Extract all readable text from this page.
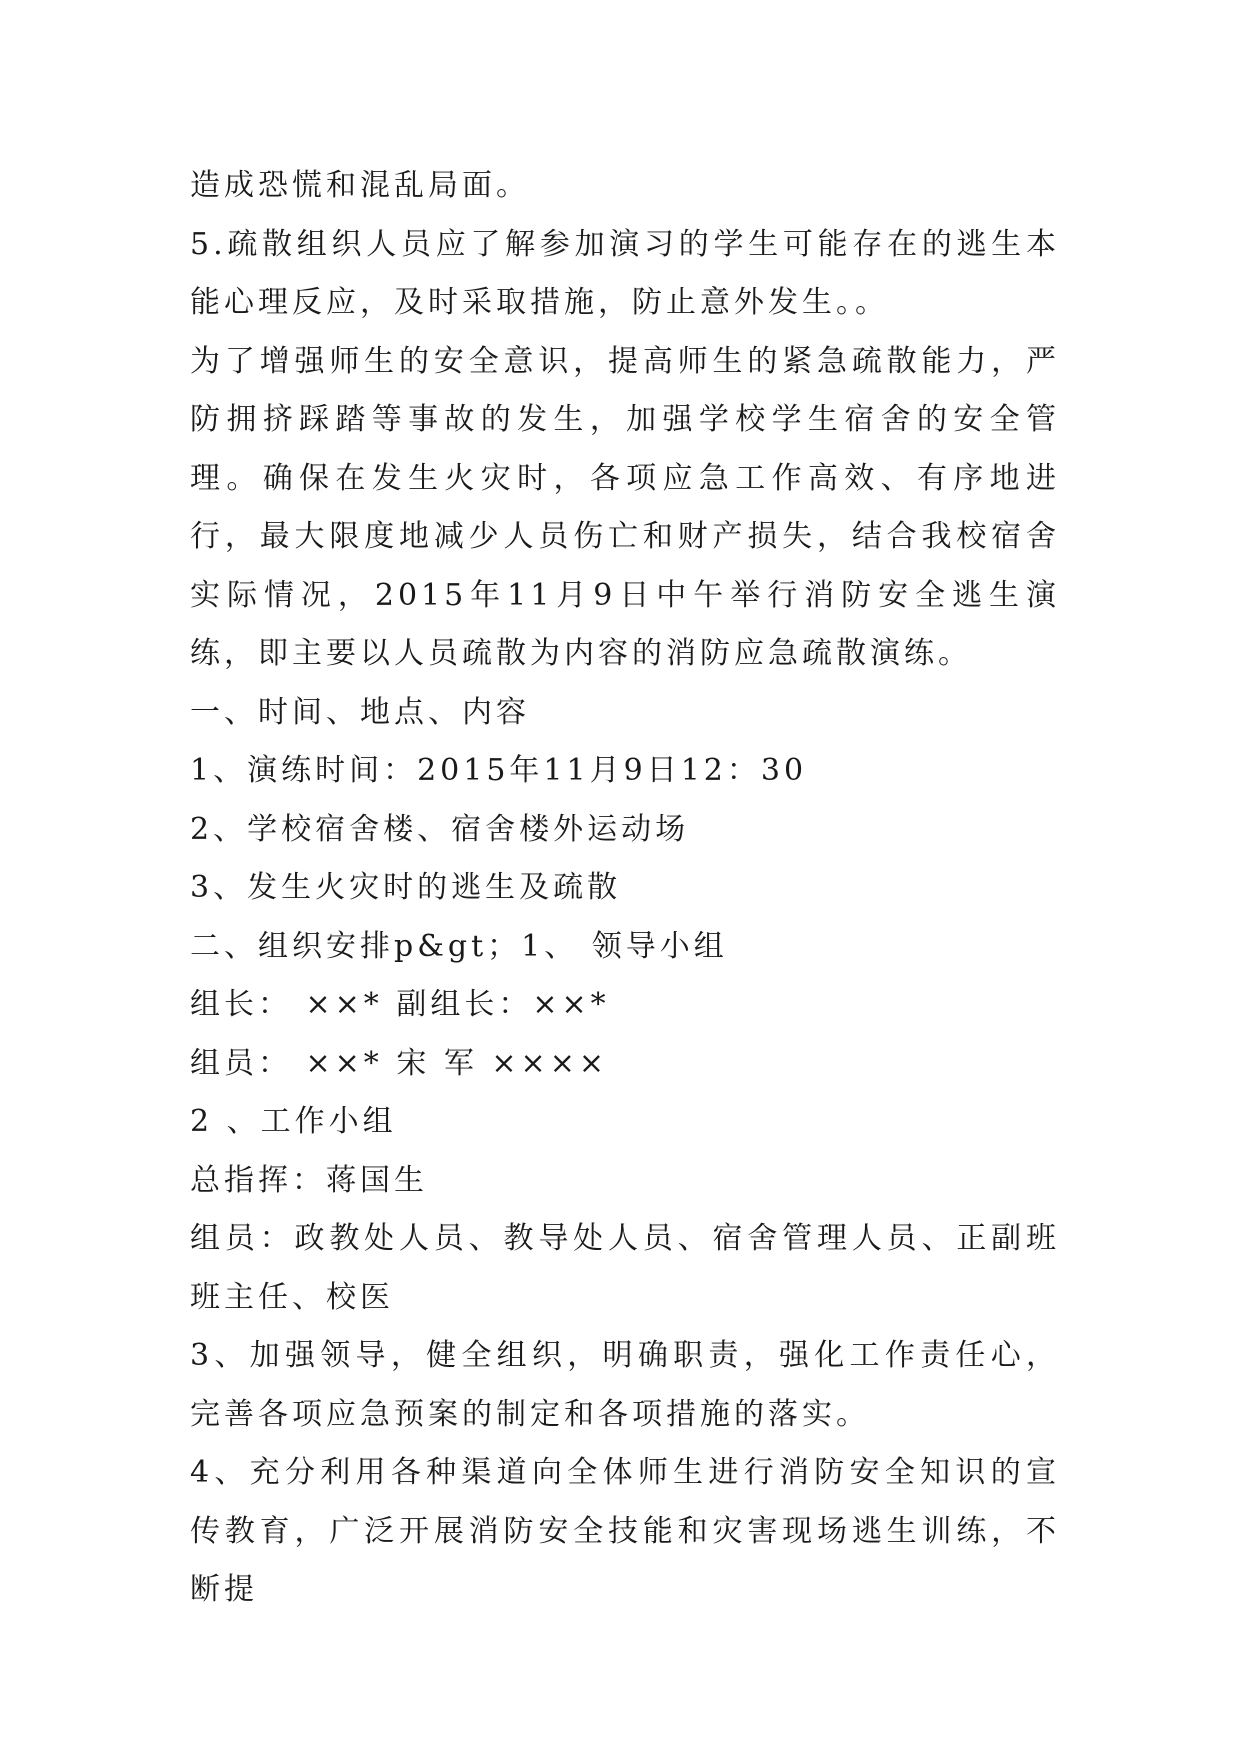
造成恐慌和混乱局面。

5.疏散组织人员应了解参加演习的学生可能存在的逃生本能心理反应，及时采取措施，防止意外发生。。

为了增强师生的安全意识，提高师生的紧急疏散能力，严防拥挤踩踏等事故的发生，加强学校学生宿舍的安全管理。确保在发生火灾时，各项应急工作高效、有序地进行，最大限度地减少人员伤亡和财产损失，结合我校宿舍实际情况，2015年11月9日中午举行消防安全逃生演练，即主要以人员疏散为内容的消防应急疏散演练。

一、时间、地点、内容

1、演练时间：2015年11月9日12：30

2、学校宿舍楼、宿舍楼外运动场

3、发生火灾时的逃生及疏散

二、组织安排p&gt；1、 领导小组

组长： ××* 副组长：××*

组员： ××* 宋 军 ××××

2 、工作小组

总指挥：蒋国生

组员：政教处人员、教导处人员、宿舍管理人员、正副班班主任、校医

3、加强领导，健全组织，明确职责，强化工作责任心，完善各项应急预案的制定和各项措施的落实。

4、充分利用各种渠道向全体师生进行消防安全知识的宣传教育，广泛开展消防安全技能和灾害现场逃生训练，不断提
